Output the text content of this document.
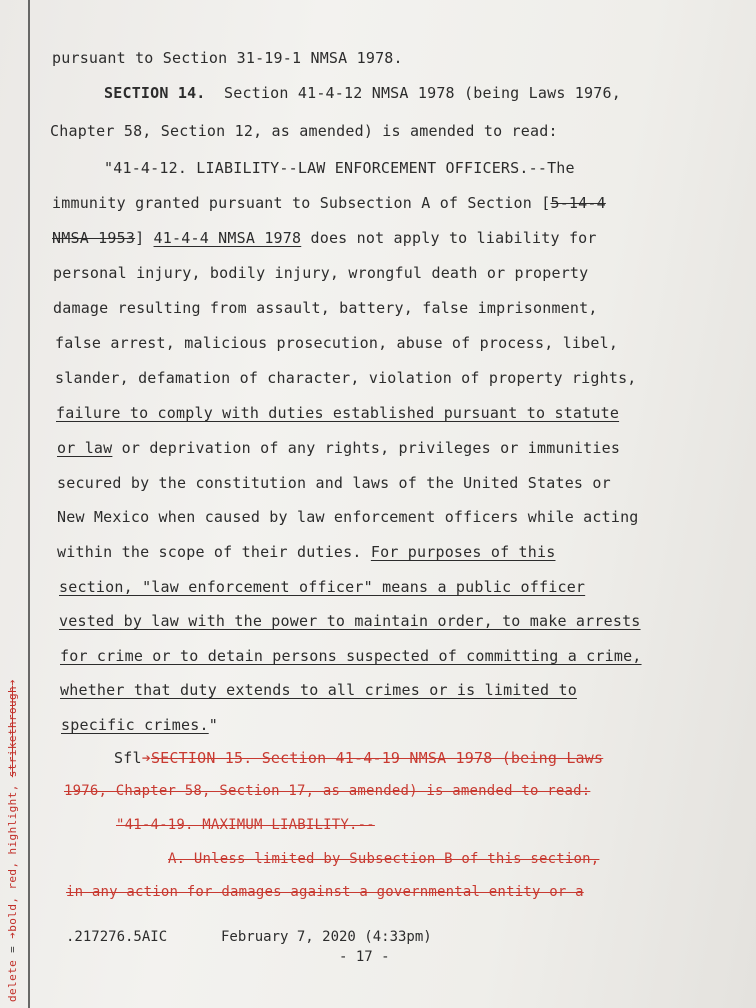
delete = ➔bold, red, highlight, strikethrough➔
pursuant to Section 31-19-1 NMSA 1978.
SECTION 14. Section 41-4-12 NMSA 1978 (being Laws 1976,
Chapter 58, Section 12, as amended) is amended to read:
"41-4-12. LIABILITY--LAW ENFORCEMENT OFFICERS.--The
immunity granted pursuant to Subsection A of Section [5-14-4
NMSA 1953] 41-4-4 NMSA 1978 does not apply to liability for
personal injury, bodily injury, wrongful death or property
damage resulting from assault, battery, false imprisonment,
false arrest, malicious prosecution, abuse of process, libel,
slander, defamation of character, violation of property rights,
failure to comply with duties established pursuant to statute
or law or deprivation of any rights, privileges or immunities
secured by the constitution and laws of the United States or
New Mexico when caused by law enforcement officers while acting
within the scope of their duties. For purposes of this
section, "law enforcement officer" means a public officer
vested by law with the power to maintain order, to make arrests
for crime or to detain persons suspected of committing a crime,
whether that duty extends to all crimes or is limited to
specific crimes."
Sfl➔SECTION 15. Section 41-4-19 NMSA 1978 (being Laws
1976, Chapter 58, Section 17, as amended) is amended to read:
"41-4-19. MAXIMUM LIABILITY.--
A. Unless limited by Subsection B of this section,
in any action for damages against a governmental entity or a
.217276.5AIC	February 7, 2020 (4:33pm)
- 17 -
